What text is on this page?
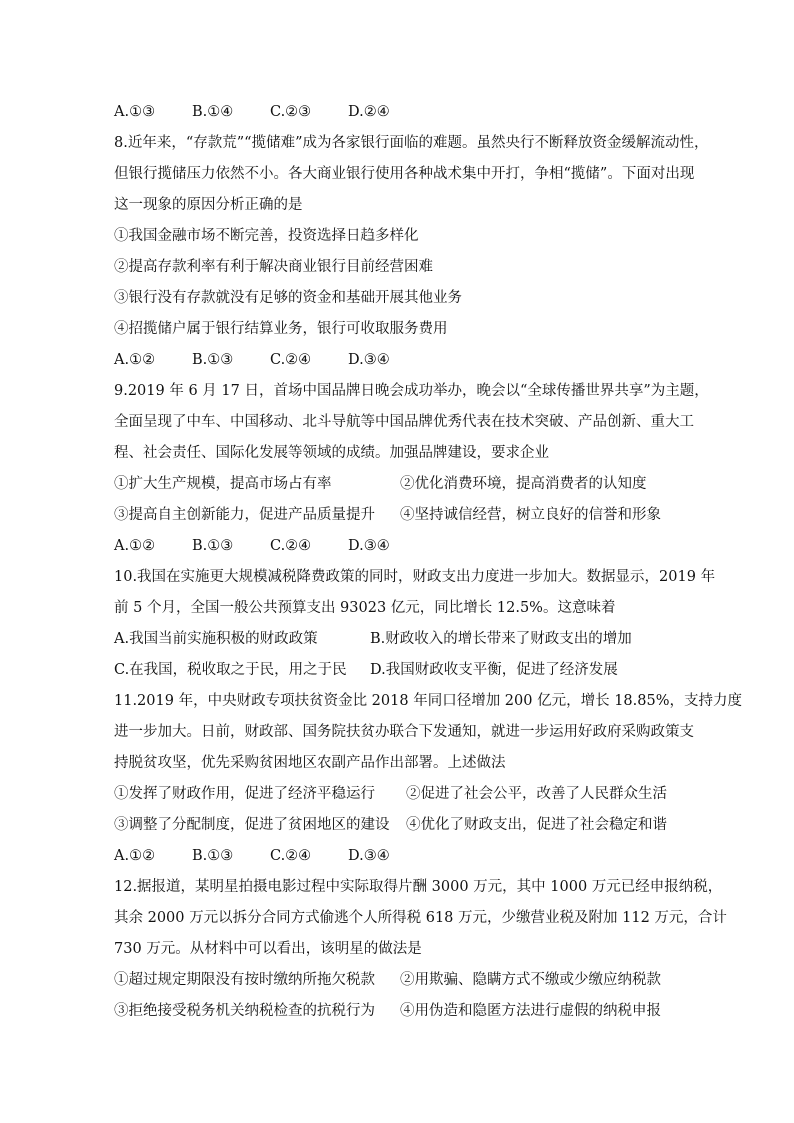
A.①③	B.①④	C.②③	D.②④
8.近年来，“存款荒”“揽储难”成为各家银行面临的难题。虽然央行不断释放资金缓解流动性，
但银行揽储压力依然不小。各大商业银行使用各种战术集中开打，争相“揽储”。下面对出现
这一现象的原因分析正确的是
①我国金融市场不断完善，投资选择日趋多样化
②提高存款利率有利于解决商业银行目前经营困难
③银行没有存款就没有足够的资金和基础开展其他业务
④招揽储户属于银行结算业务，银行可收取服务费用
A.①②	B.①③	C.②④	D.③④
9.2019 年 6 月 17 日，首场中国品牌日晚会成功举办，晚会以“全球传播世界共享”为主题，
全面呈现了中车、中国移动、北斗导航等中国品牌优秀代表在技术突破、产品创新、重大工
程、社会责任、国际化发展等领域的成绩。加强品牌建设，要求企业
①扩大生产规模，提高市场占有率	②优化消费环境，提高消费者的认知度
③提高自主创新能力，促进产品质量提升 ④坚持诚信经营，树立良好的信誉和形象
A.①②	B.①③	C.②④	D.③④
10.我国在实施更大规模减税降费政策的同时，财政支出力度进一步加大。数据显示，2019 年
前 5 个月，全国一般公共预算支出 93023 亿元，同比增长 12.5%。这意味着
A.我国当前实施积极的财政政策	B.财政收入的增长带来了财政支出的增加
C.在我国，税收取之于民，用之于民 D.我国财政收支平衡，促进了经济发展
11.2019 年，中央财政专项扶贫资金比 2018 年同口径增加 200 亿元，增长 18.85%，支持力度
进一步加大。日前，财政部、国务院扶贫办联合下发通知，就进一步运用好政府采购政策支
持脱贫攻坚，优先采购贫困地区农副产品作出部署。上述做法
①发挥了财政作用，促进了经济平稳运行 ②促进了社会公平，改善了人民群众生活
③调整了分配制度，促进了贫困地区的建设 ④优化了财政支出，促进了社会稳定和谐
A.①②	B.①③	C.②④	D.③④
12.据报道，某明星拍摄电影过程中实际取得片酬 3000 万元，其中 1000 万元已经申报纳税，
其余 2000 万元以拆分合同方式偷逃个人所得税 618 万元，少缴营业税及附加 112 万元，合计
730 万元。从材料中可以看出，该明星的做法是
①超过规定期限没有按时缴纳所拖欠税款 ②用欺骗、隐瞒方式不缴或少缴应纳税款
③拒绝接受税务机关纳税检查的抗税行为 ④用伪造和隐匿方法进行虚假的纳税申报
